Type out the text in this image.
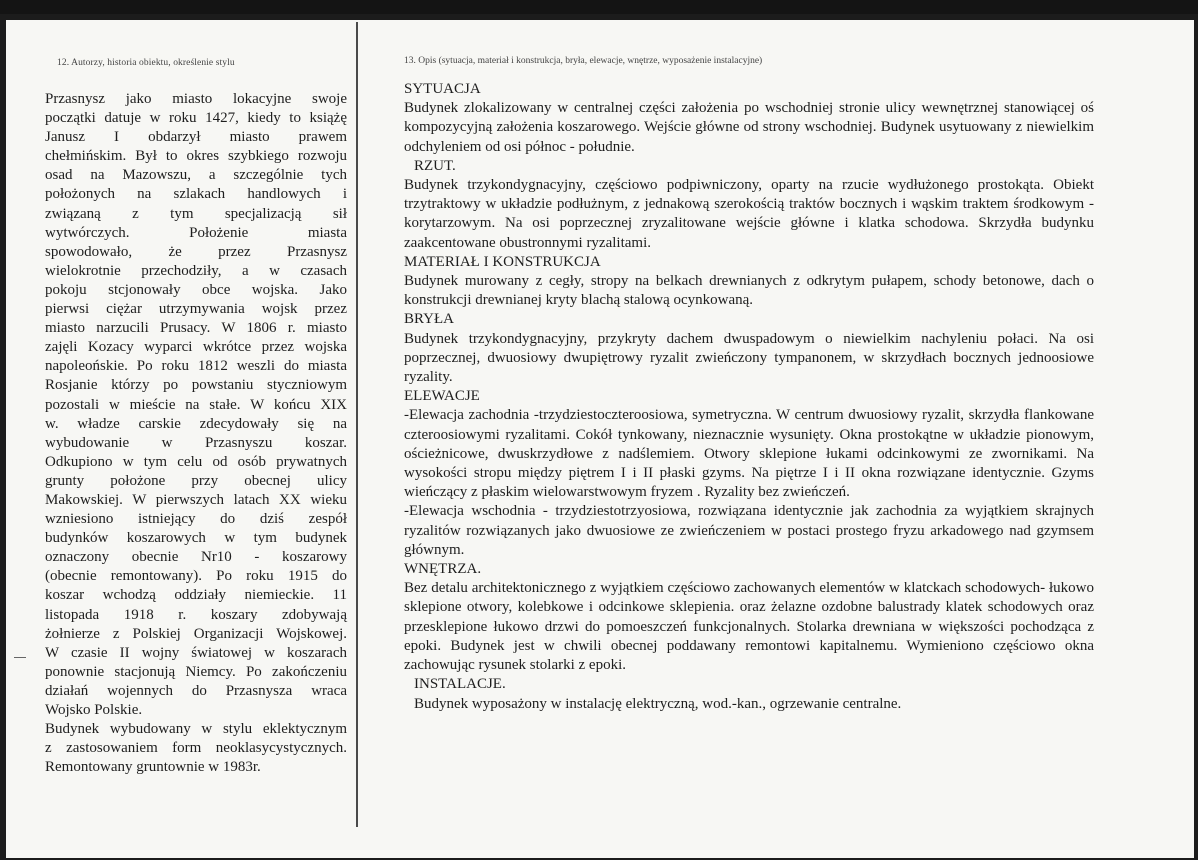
12. Autorzy, historia obiektu, określenie stylu
Przasnysz jako miasto lokacyjne swoje
początki datuje w roku 1427, kiedy to książę
Janusz I obdarzył miasto prawem
chełmińskim. Był to okres szybkiego rozwoju
osad na Mazowszu, a szczególnie tych
położonych na szlakach handlowych i
związaną z tym specjalizacją sił
wytwórczych. Położenie miasta
spowodowało, że przez Przasnysz
wielokrotnie przechodziły, a w czasach
pokoju stcjonowały obce wojska. Jako
pierwsi ciężar utrzymywania wojsk przez
miasto narzucili Prusacy. W 1806 r. miasto
zajęli Kozacy wyparci wkrótce przez wojska
napoleońskie. Po roku 1812 weszli do miasta
Rosjanie którzy po powstaniu styczniowym
pozostali w mieście na stałe. W końcu XIX
w. władze carskie zdecydowały się na
wybudowanie w Przasnyszu koszar.
Odkupiono w tym celu od osób prywatnych
grunty położone przy obecnej ulicy
Makowskiej. W pierwszych latach XX wieku
wzniesiono istniejący do dziś zespół
budynków koszarowych w tym budynek
oznaczony obecnie Nr10 - koszarowy
(obecnie remontowany). Po roku 1915 do
koszar wchodzą oddziały niemieckie. 11
listopada 1918 r. koszary zdobywają
żołnierze z Polskiej Organizacji Wojskowej.
W czasie II wojny światowej w koszarach
ponownie stacjonują Niemcy. Po zakończeniu
działań wojennych do Przasnysza wraca
Wojsko Polskie.
Budynek wybudowany w stylu eklektycznym
z zastosowaniem form neoklasycystycznych.
Remontowany gruntownie w 1983r.
13. Opis (sytuacja, materiał i konstrukcja, bryła, elewacje, wnętrze, wyposażenie instalacyjne)

SYTUACJA

Budynek zlokalizowany w centralnej części założenia po wschodniej stronie ulicy wewnętrznej stanowiącej oś kompozycyjną założenia koszarowego. Wejście główne od strony wschodniej. Budynek usytuowany z niewielkim odchyleniem od osi północ - południe.

RZUT.

Budynek trzykondygnacyjny, częściowo podpiwniczony, oparty na rzucie wydłużonego prostokąta. Obiekt trzytraktowy w układzie podłużnym, z jednakową szerokością traktów bocznych i wąskim traktem środkowym - korytarzowym. Na osi poprzecznej zryzalitowane wejście główne i klatka schodowa. Skrzydła budynku zaakcentowane obustronnymi ryzalitami.

MATERIAŁ I KONSTRUKCJA

Budynek murowany z cegły, stropy na belkach drewnianych z odkrytym pułapem, schody betonowe, dach o konstrukcji drewnianej kryty blachą stalową ocynkowaną.

BRYŁA

Budynek trzykondygnacyjny, przykryty dachem dwuspadowym o niewielkim nachyleniu połaci. Na osi poprzecznej, dwuosiowy dwupiętrowy ryzalit zwieńczony tympanonem, w skrzydłach bocznych jednoosiowe ryzality.

ELEWACJE

-Elewacja zachodnia -trzydziestoczteroosiowa, symetryczna. W centrum dwuosiowy ryzalit, skrzydła flankowane czteroosiowymi ryzalitami. Cokół tynkowany, nieznacznie wysunięty. Okna prostokątne w układzie pionowym, ościeżnicowe, dwuskrzydłowe z nadślemiem. Otwory sklepione łukami odcinkowymi ze zwornikami. Na wysokości stropu między piętrem I i II płaski gzyms. Na piętrze I i II okna rozwiązane identycznie. Gzyms wieńczący z płaskim wielowarstwowym fryzem . Ryzality bez zwieńczeń.

-Elewacja wschodnia - trzydziestotrzyosiowa, rozwiązana identycznie jak zachodnia za wyjątkiem skrajnych ryzalitów rozwiązanych jako dwuosiowe ze zwieńczeniem w postaci prostego fryzu arkadowego nad gzymsem głównym.

WNĘTRZA.

Bez detalu architektonicznego z wyjątkiem częściowo zachowanych elementów w klatckach schodowych- łukowo sklepione otwory, kolebkowe i odcinkowe sklepienia. oraz żelazne ozdobne balustrady klatek schodowych oraz przesklepione łukowo drzwi do pomoeszczeń funkcjonalnych. Stolarka drewniana w większości pochodząca z epoki. Budynek jest w chwili obecnej poddawany remontowi kapitalnemu. Wymieniono częściowo okna zachowując rysunek stolarki z epoki.

INSTALACJE.

Budynek wyposażony w instalację elektryczną, wod.-kan., ogrzewanie centralne.
